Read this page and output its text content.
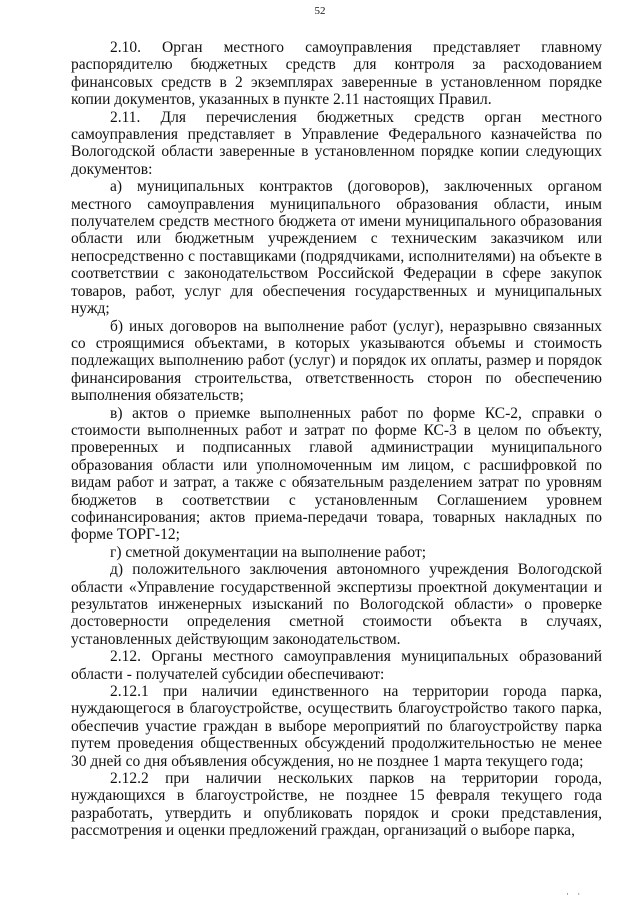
52

2.10. Орган местного самоуправления представляет главному распорядителю бюджетных средств для контроля за расходованием финансовых средств в 2 экземплярах заверенные в установленном порядке копии документов, указанных в пункте 2.11 настоящих Правил.

2.11. Для перечисления бюджетных средств орган местного самоуправления представляет в Управление Федерального казначейства по Вологодской области заверенные в установленном порядке копии следующих документов:

а) муниципальных контрактов (договоров), заключенных органом местного самоуправления муниципального образования области, иным получателем средств местного бюджета от имени муниципального образования области или бюджетным учреждением с техническим заказчиком или непосредственно с поставщиками (подрядчиками, исполнителями) на объекте в соответствии с законодательством Российской Федерации в сфере закупок товаров, работ, услуг для обеспечения государственных и муниципальных нужд;

б) иных договоров на выполнение работ (услуг), неразрывно связанных со строящимися объектами, в которых указываются объемы и стоимость подлежащих выполнению работ (услуг) и порядок их оплаты, размер и порядок финансирования строительства, ответственность сторон по обеспечению выполнения обязательств;

в) актов о приемке выполненных работ по форме КС-2, справки о стоимости выполненных работ и затрат по форме КС-3 в целом по объекту, проверенных и подписанных главой администрации муниципального образования области или уполномоченным им лицом, с расшифровкой по видам работ и затрат, а также с обязательным разделением затрат по уровням бюджетов в соответствии с установленным Соглашением уровнем софинансирования; актов приема-передачи товара, товарных накладных по форме ТОРГ-12;

г) сметной документации на выполнение работ;

д) положительного заключения автономного учреждения Вологодской области «Управление государственной экспертизы проектной документации и результатов инженерных изысканий по Вологодской области» о проверке достоверности определения сметной стоимости объекта в случаях, установленных действующим законодательством.

2.12. Органы местного самоуправления муниципальных образований области - получателей субсидии обеспечивают:

2.12.1 при наличии единственного на территории города парка, нуждающегося в благоустройстве, осуществить благоустройство такого парка, обеспечив участие граждан в выборе мероприятий по благоустройству парка путем проведения общественных обсуждений продолжительностью не менее 30 дней со дня объявления обсуждения, но не позднее 1 марта текущего года;

2.12.2 при наличии нескольких парков на территории города, нуждающихся в благоустройстве, не позднее 15 февраля текущего года разработать, утвердить и опубликовать порядок и сроки представления, рассмотрения и оценки предложений граждан, организаций о выборе парка,

· ·
